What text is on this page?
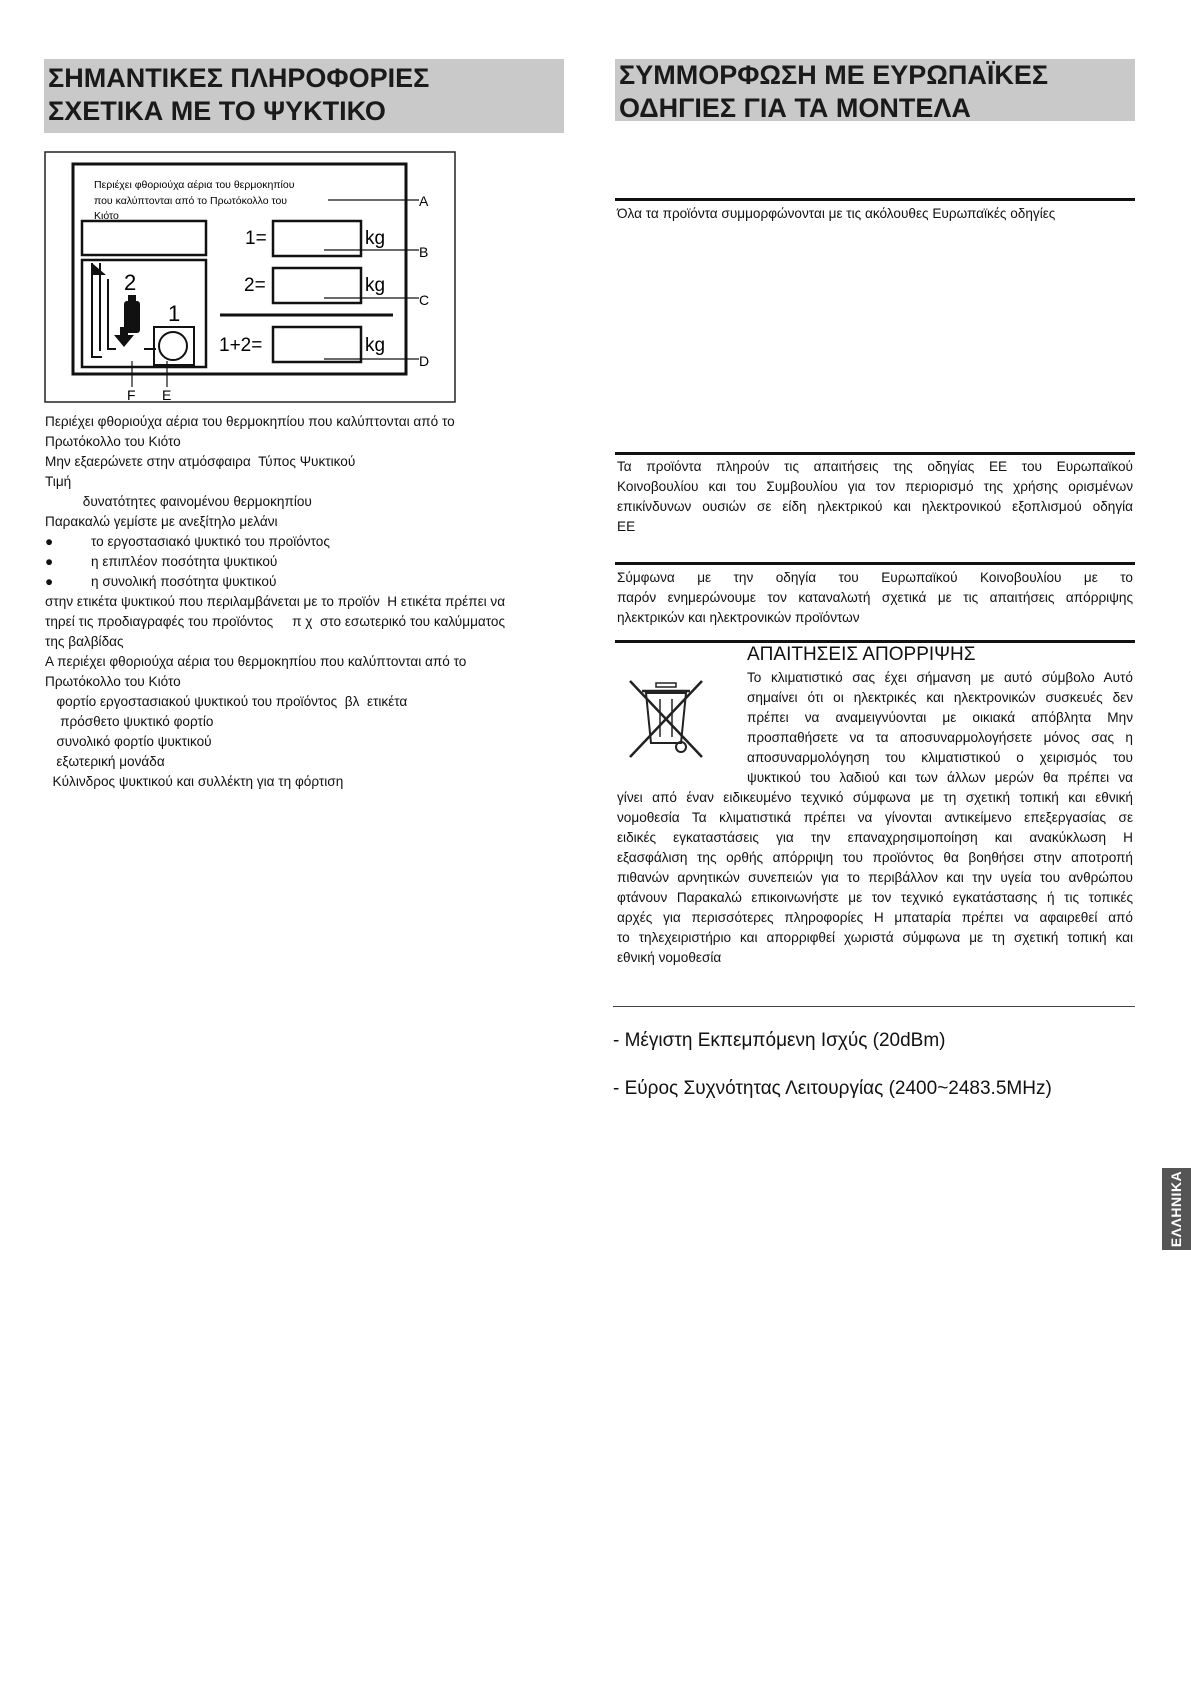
ΣΗΜΑΝΤΙΚΕΣ ΠΛΗΡΟΦΟΡΙΕΣ
ΣΧΕΤΙΚΑ ΜΕ ΤΟ ΨΥΚΤΙΚΟ
Περιέχει φθοριούχα αέρια του θερμοκηπίου
που καλύπτονται από το Πρωτόκολλο του
Κιότο
2
1
F E
1=	kg
2=	kg
1+2=	kg
A
B
C
D
Περιέχει φθοριούχα αέρια του θερμοκηπίου που καλύπτονται από το
Πρωτόκολλο του Κιότο
Μην εξαερώνετε στην ατμόσφαιρα  Τύπος Ψυκτικού
Τιμή
δυνατότητες φαινομένου θερμοκηπίου
Παρακαλώ γεμίστε με ανεξίτηλο μελάνι
●          το εργοστασιακό ψυκτικό του προϊόντος
●          η επιπλέον ποσότητα ψυκτικού
●          η συνολική ποσότητα ψυκτικού
στην ετικέτα ψυκτικού που περιλαμβάνεται με το προϊόν  Η ετικέτα πρέπει να
τηρεί τις προδιαγραφές του προϊόντος     π χ  στο εσωτερικό του καλύμματος
της βαλβίδας
Α περιέχει φθοριούχα αέρια του θερμοκηπίου που καλύπτονται από το
Πρωτόκολλο του Κιότο
φορτίο εργοστασιακού ψυκτικού του προϊόντος  βλ  ετικέτα
πρόσθετο ψυκτικό φορτίο
συνολικό φορτίο ψυκτικού
εξωτερική μονάδα
Κύλινδρος ψυκτικού και συλλέκτη για τη φόρτιση
ΣΥΜΜΟΡΦΩΣΗ ΜΕ ΕΥΡΩΠΑΪΚΕΣ
ΟΔΗΓΙΕΣ ΓΙΑ ΤΑ ΜΟΝΤΕΛΑ
Όλα τα προϊόντα συμμορφώνονται με τις ακόλουθες Ευρωπαϊκές οδηγίες
Τα προϊόντα πληρούν τις απαιτήσεις της οδηγίας ΕΕ του Ευρωπαϊκού
Κοινοβουλίου και του Συμβουλίου για τον περιορισμό της χρήσης ορισμένων
επικίνδυνων ουσιών σε είδη ηλεκτρικού και ηλεκτρονικού εξοπλισμού οδηγία
ΕΕ
Σύμφωνα με την οδηγία του Ευρωπαϊκού Κοινοβουλίου με το
παρόν ενημερώνουμε τον καταναλωτή σχετικά με τις απαιτήσεις απόρριψης
ηλεκτρικών και ηλεκτρονικών προϊόντων
ΑΠΑΙΤΗΣΕΙΣ ΑΠΟΡΡΙΨΗΣ
Το κλιματιστικό σας έχει σήμανση με αυτό σύμβολο Αυτό
σημαίνει ότι οι ηλεκτρικές και ηλεκτρονικών συσκευές δεν
πρέπει να αναμειγνύονται με οικιακά απόβλητα Μην
προσπαθήσετε να τα αποσυναρμολογήσετε μόνος σας η
αποσυναρμολόγηση του κλιματιστικού ο χειρισμός του
ψυκτικού του λαδιού και των άλλων μερών θα πρέπει να
γίνει από έναν ειδικευμένο τεχνικό σύμφωνα με τη σχετική τοπική και εθνική
νομοθεσία Τα κλιματιστικά πρέπει να γίνονται αντικείμενο επεξεργασίας σε
ειδικές εγκαταστάσεις για την επαναχρησιμοποίηση και ανακύκλωση Η
εξασφάλιση της ορθής απόρριψη του προϊόντος θα βοηθήσει στην αποτροπή
πιθανών αρνητικών συνεπειών για το περιβάλλον και την υγεία του ανθρώπου
φτάνουν Παρακαλώ επικοινωνήστε με τον τεχνικό εγκατάστασης ή τις τοπικές
αρχές για περισσότερες πληροφορίες Η μπαταρία πρέπει να αφαιρεθεί από
το τηλεχειριστήριο και απορριφθεί χωριστά σύμφωνα με τη σχετική τοπική και
εθνική νομοθεσία
- Μέγιστη Εκπεμπόμενη Ισχύς (20dBm)
- Εύρος Συχνότητας Λειτουργίας (2400~2483.5MHz)
ΕΛΛΗΝΙΚΑ
